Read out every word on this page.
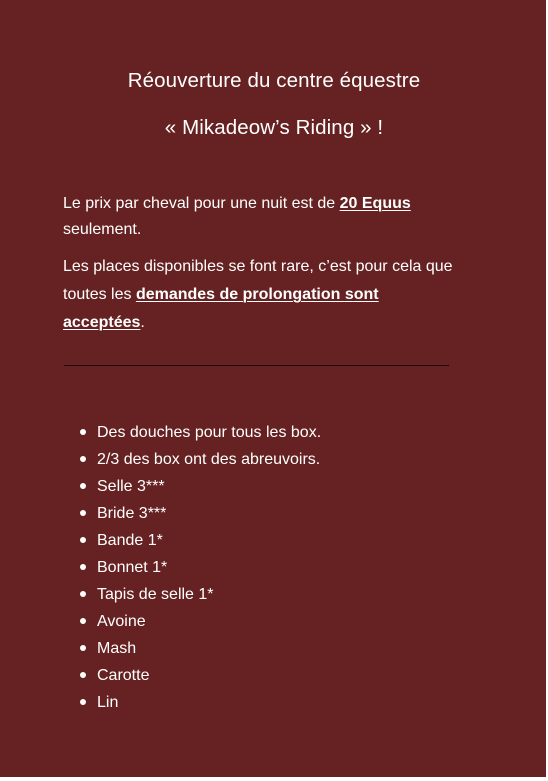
Réouverture du centre équestre
« Mikadeow’s Riding » !
Le prix par cheval pour une nuit est de 20 Equus
seulement.
Les places disponibles se font rare, c’est pour cela que
toutes les demandes de prolongation sont
acceptées.
Des douches pour tous les box.
2/3 des box ont des abreuvoirs.
Selle 3***
Bride 3***
Bande 1*
Bonnet 1*
Tapis de selle 1*
Avoine
Mash
Carotte
Lin
